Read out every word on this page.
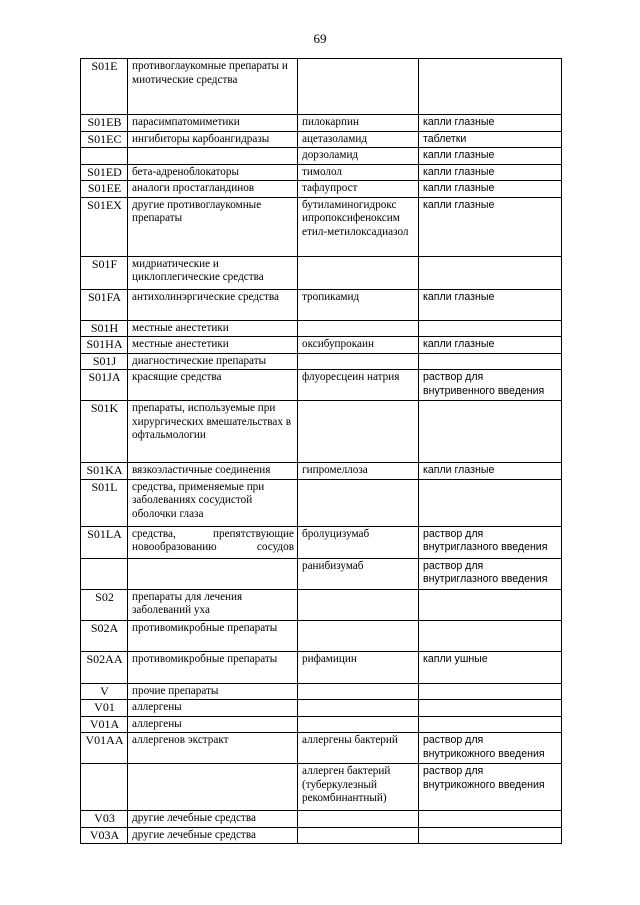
69
S01E	противоглаукомные препараты и миотические средства		
S01EB	парасимпатомиметики	пилокарпин	капли глазные
S01EC	ингибиторы карбоангидразы	ацетазоламид	таблетки
		дорзоламид	капли глазные
S01ED	бета-адреноблокаторы	тимолол	капли глазные
S01EE	аналоги простагландинов	тафлупрост	капли глазные
S01EX	другие противоглаукомные препараты	бутиламиногидрокс ипропоксифеноксим етил-метилоксадиазол	капли глазные
S01F	мидриатические и циклоплегические средства		
S01FA	антихолинэргические средства	тропикамид	капли глазные
S01H	местные анестетики		
S01HA	местные анестетики	оксибупрокаин	капли глазные
S01J	диагностические препараты		
S01JA	красящие средства	флуоресцеин натрия	раствор для внутривенного введения
S01K	препараты, используемые при хирургических вмешательствах в офтальмологии		
S01KA	вязкоэластичные соединения	гипромеллоза	капли глазные
S01L	средства, применяемые при заболеваниях сосудистой оболочки глаза		
S01LA	средства, препятствующие новообразованию сосудов	бролуцизумаб	раствор для внутриглазного введения
		ранибизумаб	раствор для внутриглазного введения
S02	препараты для лечения заболеваний уха		
S02A	противомикробные препараты		
S02AA	противомикробные препараты	рифамицин	капли ушные
V	прочие препараты		
V01	аллергены		
V01A	аллергены		
V01AA	аллергенов экстракт	аллергены бактерий	раствор для внутрикожного введения
		аллерген бактерий (туберкулезный рекомбинантный)	раствор для внутрикожного введения
V03	другие лечебные средства		
V03A	другие лечебные средства		
